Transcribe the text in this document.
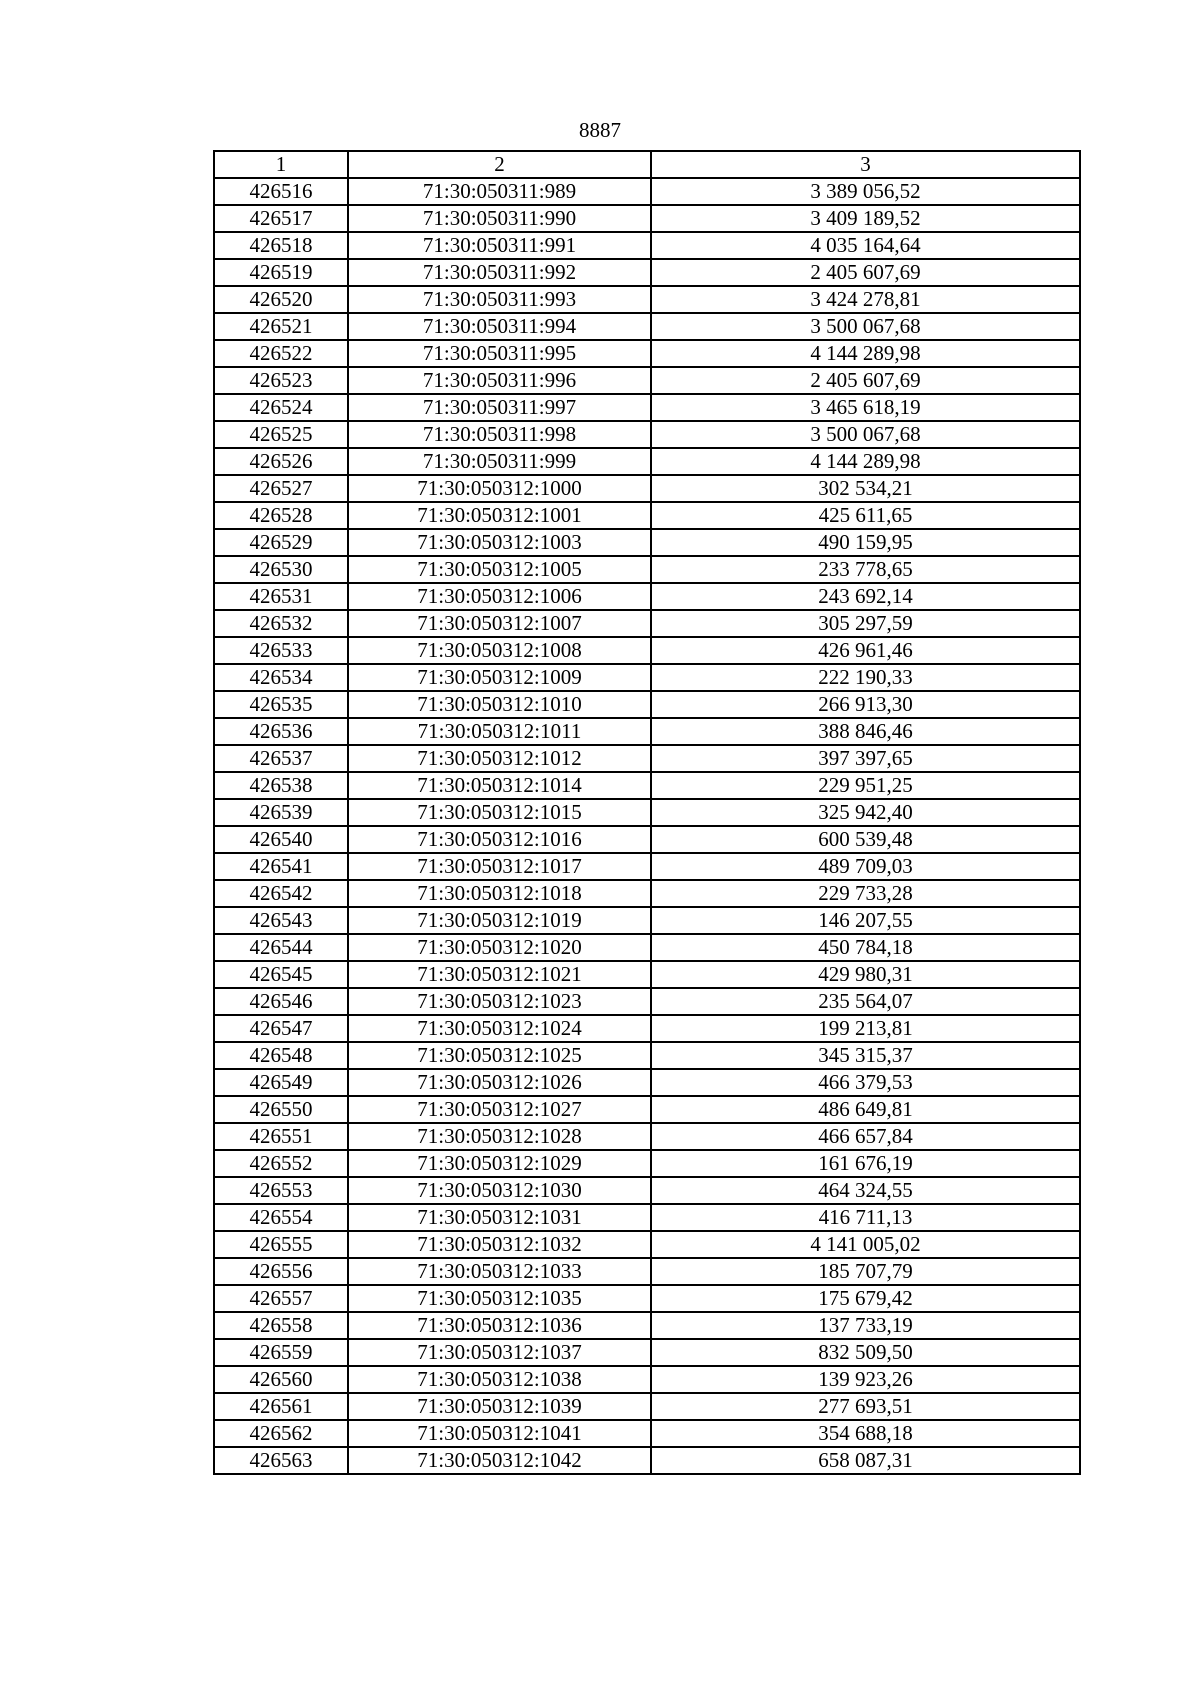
8887
1	2	3
426516	71:30:050311:989	3 389 056,52
426517	71:30:050311:990	3 409 189,52
426518	71:30:050311:991	4 035 164,64
426519	71:30:050311:992	2 405 607,69
426520	71:30:050311:993	3 424 278,81
426521	71:30:050311:994	3 500 067,68
426522	71:30:050311:995	4 144 289,98
426523	71:30:050311:996	2 405 607,69
426524	71:30:050311:997	3 465 618,19
426525	71:30:050311:998	3 500 067,68
426526	71:30:050311:999	4 144 289,98
426527	71:30:050312:1000	302 534,21
426528	71:30:050312:1001	425 611,65
426529	71:30:050312:1003	490 159,95
426530	71:30:050312:1005	233 778,65
426531	71:30:050312:1006	243 692,14
426532	71:30:050312:1007	305 297,59
426533	71:30:050312:1008	426 961,46
426534	71:30:050312:1009	222 190,33
426535	71:30:050312:1010	266 913,30
426536	71:30:050312:1011	388 846,46
426537	71:30:050312:1012	397 397,65
426538	71:30:050312:1014	229 951,25
426539	71:30:050312:1015	325 942,40
426540	71:30:050312:1016	600 539,48
426541	71:30:050312:1017	489 709,03
426542	71:30:050312:1018	229 733,28
426543	71:30:050312:1019	146 207,55
426544	71:30:050312:1020	450 784,18
426545	71:30:050312:1021	429 980,31
426546	71:30:050312:1023	235 564,07
426547	71:30:050312:1024	199 213,81
426548	71:30:050312:1025	345 315,37
426549	71:30:050312:1026	466 379,53
426550	71:30:050312:1027	486 649,81
426551	71:30:050312:1028	466 657,84
426552	71:30:050312:1029	161 676,19
426553	71:30:050312:1030	464 324,55
426554	71:30:050312:1031	416 711,13
426555	71:30:050312:1032	4 141 005,02
426556	71:30:050312:1033	185 707,79
426557	71:30:050312:1035	175 679,42
426558	71:30:050312:1036	137 733,19
426559	71:30:050312:1037	832 509,50
426560	71:30:050312:1038	139 923,26
426561	71:30:050312:1039	277 693,51
426562	71:30:050312:1041	354 688,18
426563	71:30:050312:1042	658 087,31
